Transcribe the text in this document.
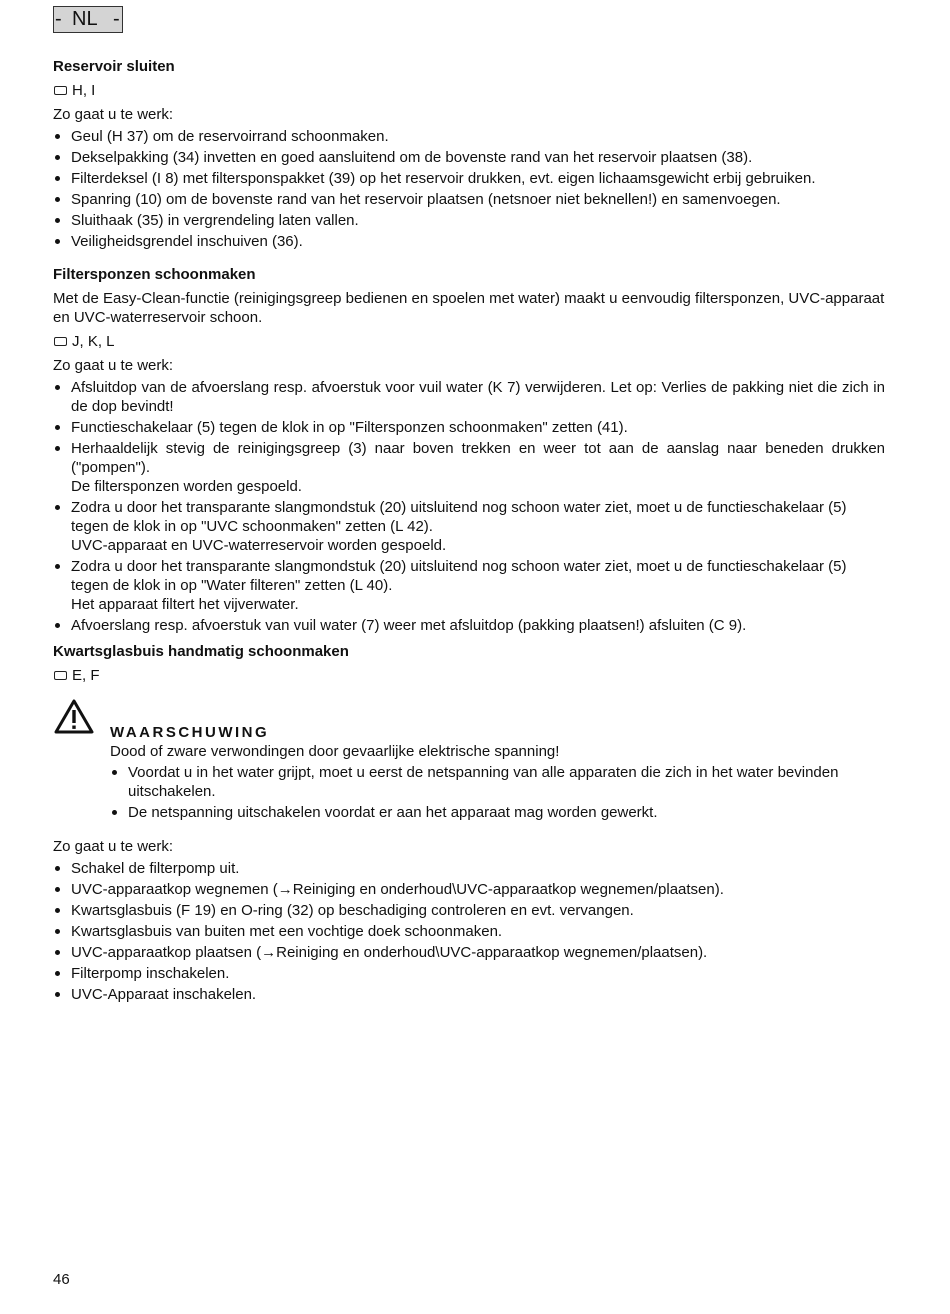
- NL -
Reservoir sluiten
H, I

Zo gaat u te werk:

Geul (H 37) om de reservoirrand schoonmaken.
Dekselpakking (34) invetten en goed aansluitend om de bovenste rand van het reservoir plaatsen (38).
Filterdeksel (I 8) met filtersponspakket (39) op het reservoir drukken, evt. eigen lichaamsgewicht erbij gebruiken.
Spanring (10) om de bovenste rand van het reservoir plaatsen (netsnoer niet beknellen!) en samenvoegen.
Sluithaak (35) in vergrendeling laten vallen.
Veiligheidsgrendel inschuiven (36).
Filtersponzen schoonmaken

Met de Easy-Clean-functie (reinigingsgreep bedienen en spoelen met water) maakt u eenvoudig filtersponzen, UVC-apparaat en UVC-waterreservoir schoon.

J, K, L

Zo gaat u te werk:

Afsluitdop van de afvoerslang resp. afvoerstuk voor vuil water (K 7) verwijderen. Let op: Verlies de pakking niet die zich in de dop bevindt!
Functieschakelaar (5) tegen de klok in op "Filtersponzen schoonmaken" zetten (41).
Herhaaldelijk stevig de reinigingsgreep (3) naar boven trekken en weer tot aan de aanslag naar beneden drukken ("pompen").
De filtersponzen worden gespoeld.
Zodra u door het transparante slangmondstuk (20) uitsluitend nog schoon water ziet, moet u de functieschakelaar (5) tegen de klok in op "UVC schoonmaken" zetten (L 42).
UVC-apparaat en UVC-waterreservoir worden gespoeld.
Zodra u door het transparante slangmondstuk (20) uitsluitend nog schoon water ziet, moet u de functieschakelaar (5) tegen de klok in op "Water filteren" zetten (L 40).
Het apparaat filtert het vijverwater.
Afvoerslang resp. afvoerstuk van vuil water (7) weer met afsluitdop (pakking plaatsen!) afsluiten (C 9).
Kwartsglasbuis handmatig schoonmaken
E, F

WAARSCHUWING

Dood of zware verwondingen door gevaarlijke elektrische spanning!

Voordat u in het water grijpt, moet u eerst de netspanning van alle apparaten die zich in het water bevinden uitschakelen.
De netspanning uitschakelen voordat er aan het apparaat mag worden gewerkt.

Zo gaat u te werk:

Schakel de filterpomp uit.
UVC-apparaatkop wegnemen (→Reiniging en onderhoud\UVC-apparaatkop wegnemen/plaatsen).
Kwartsglasbuis (F 19) en O-ring (32) op beschadiging controleren en evt. vervangen.
Kwartsglasbuis van buiten met een vochtige doek schoonmaken.
UVC-apparaatkop plaatsen (→Reiniging en onderhoud\UVC-apparaatkop wegnemen/plaatsen).
Filterpomp inschakelen.
UVC-Apparaat inschakelen.
46
